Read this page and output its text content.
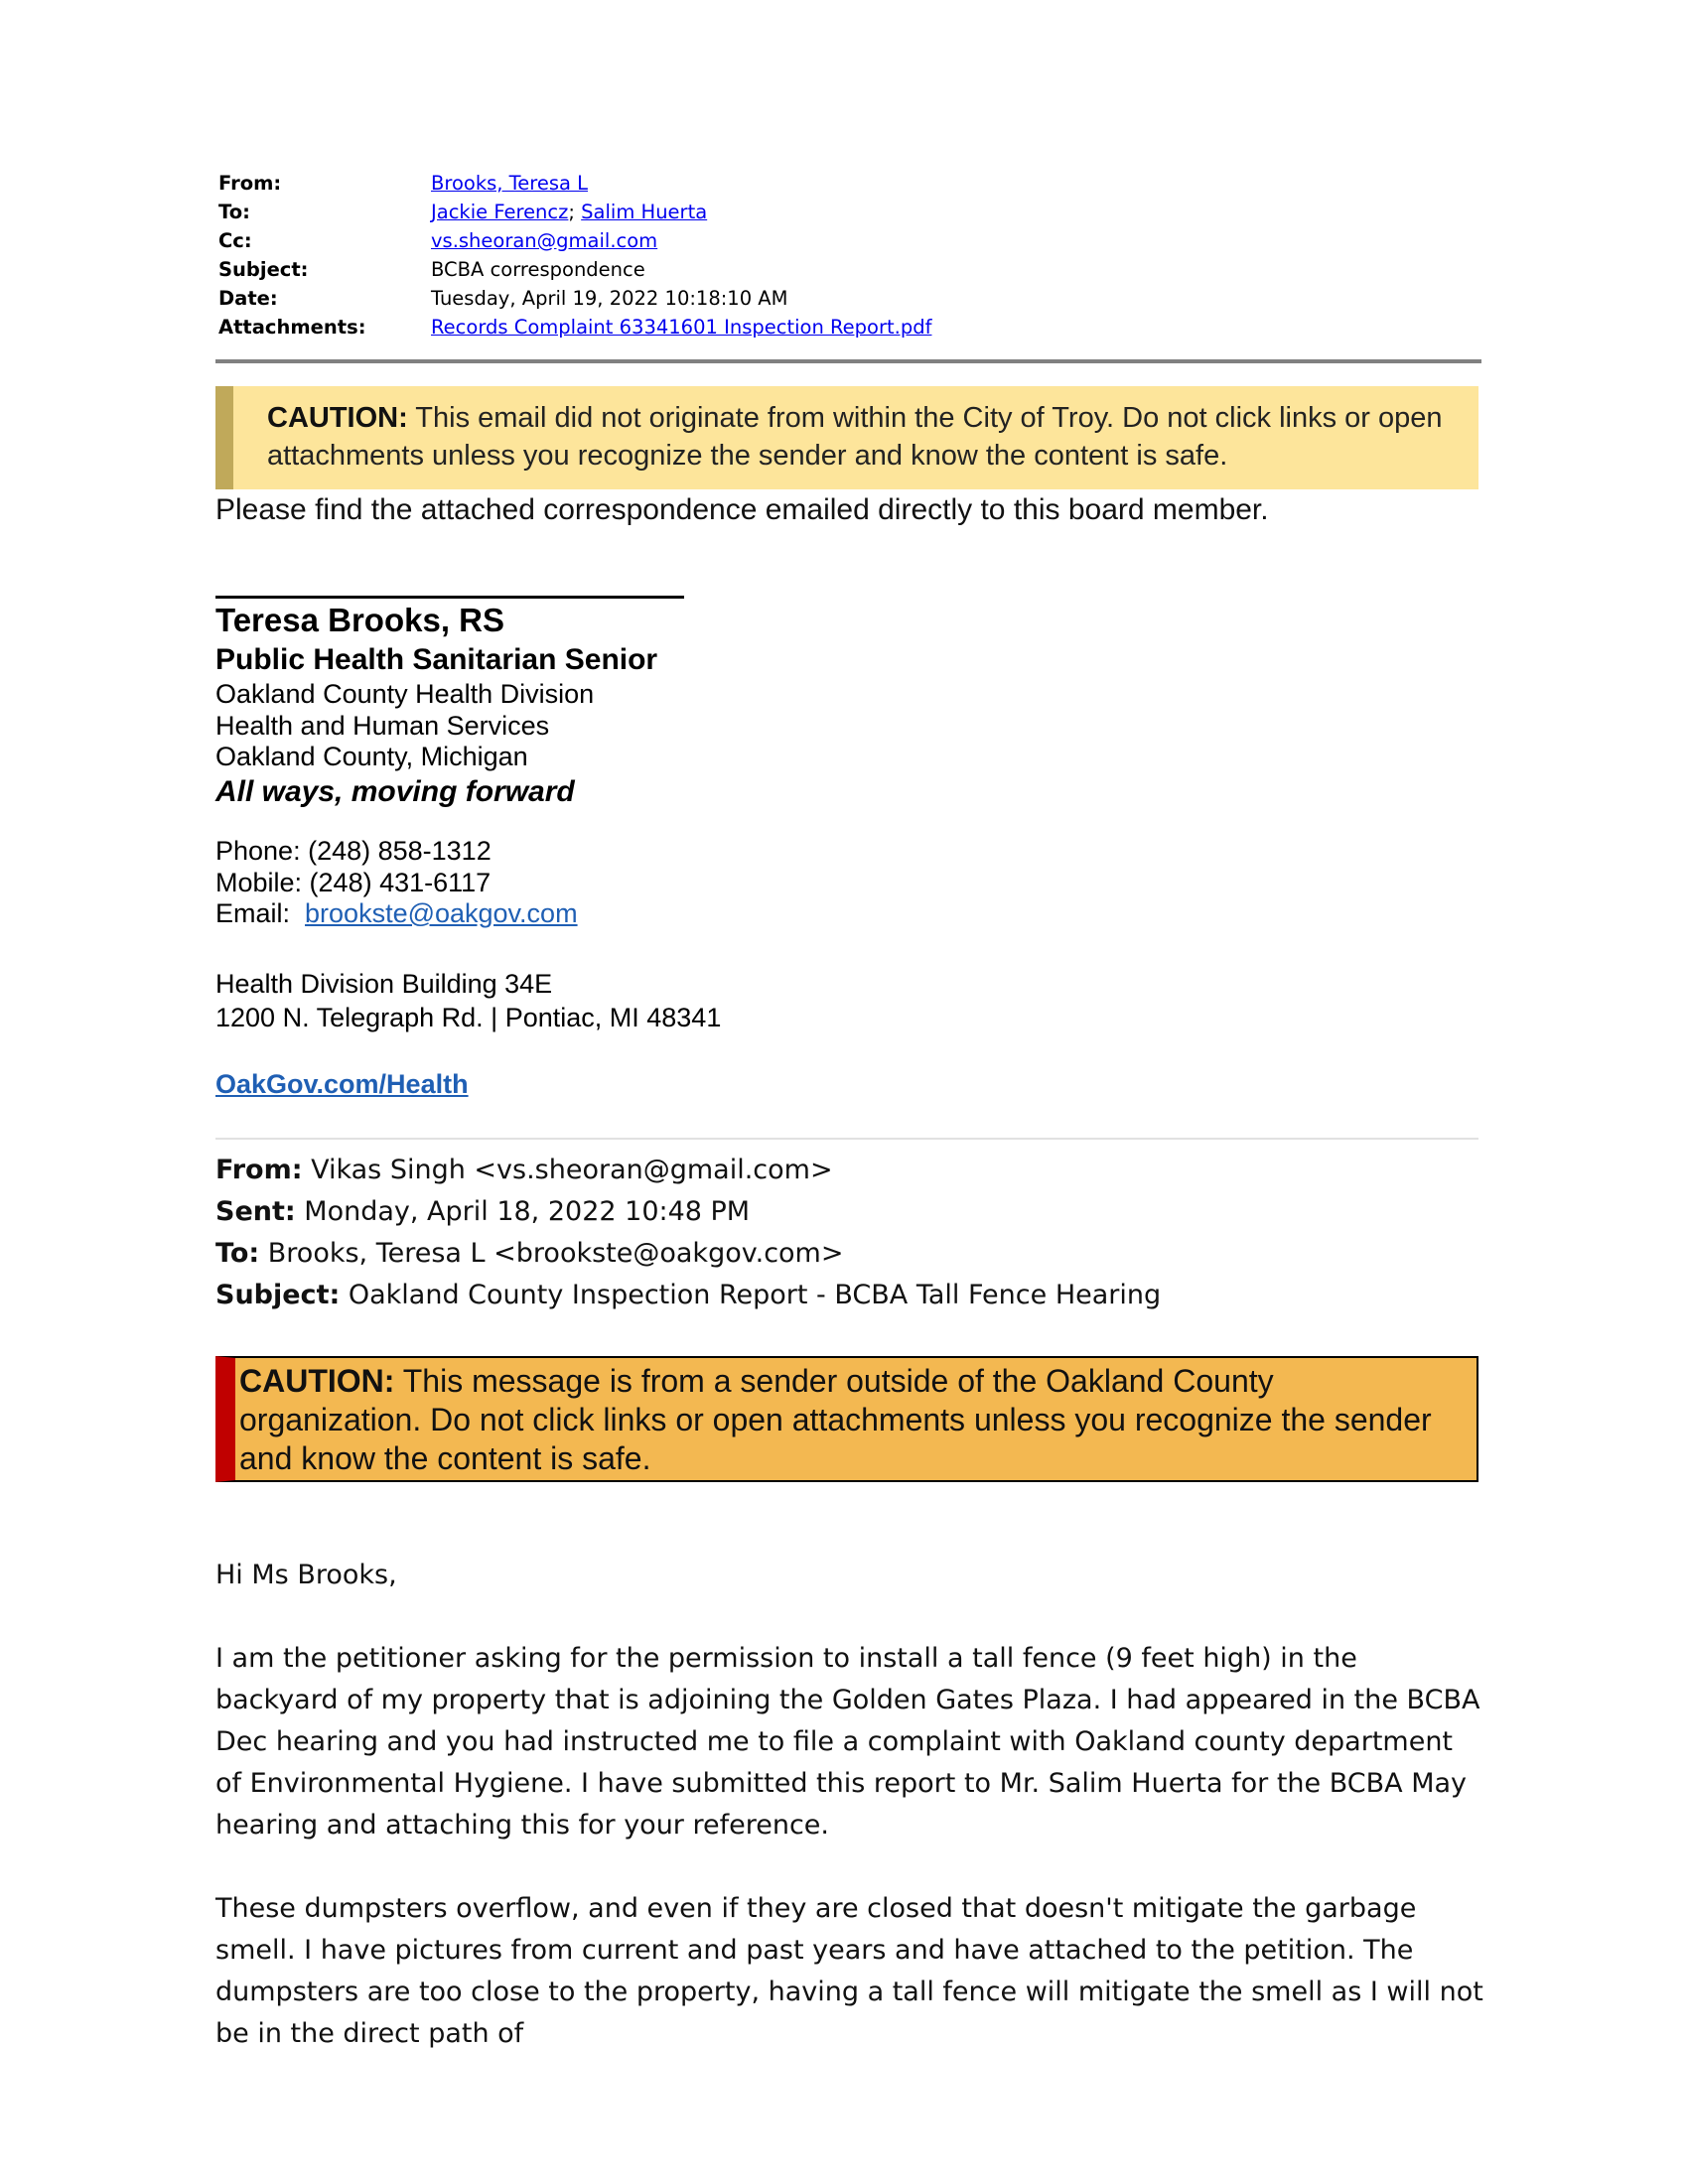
From:	Brooks, Teresa L
To:	Jackie Ferencz; Salim Huerta
Cc:	vs.sheoran@gmail.com
Subject:	BCBA correspondence
Date:	Tuesday, April 19, 2022 10:18:10 AM
Attachments:	Records Complaint 63341601 Inspection Report.pdf
CAUTION: This email did not originate from within the City of Troy. Do not click links or open attachments unless you recognize the sender and know the content is safe.
Please find the attached correspondence emailed directly to this board member.
Teresa Brooks, RS
Public Health Sanitarian Senior
Oakland County Health Division
Health and Human Services
Oakland County, Michigan
All ways, moving forward
Phone: (248) 858-1312
Mobile: (248) 431-6117
Email:  brookste@oakgov.com
Health Division Building 34E
1200 N. Telegraph Rd. | Pontiac, MI 48341
OakGov.com/Health
From: Vikas Singh <vs.sheoran@gmail.com>
Sent: Monday, April 18, 2022 10:48 PM
To: Brooks, Teresa L <brookste@oakgov.com>
Subject: Oakland County Inspection Report - BCBA Tall Fence Hearing
CAUTION: This message is from a sender outside of the Oakland County organization. Do not click links or open attachments unless you recognize the sender and know the content is safe.

Hi Ms Brooks,

I am the petitioner asking for the permission to install a tall fence (9 feet high) in the backyard of my property that is adjoining the Golden Gates Plaza. I had appeared in the BCBA Dec hearing and you had instructed me to file a complaint with Oakland county department of Environmental Hygiene. I have submitted this report to Mr. Salim Huerta for the BCBA May hearing and attaching this for your reference.

These dumpsters overflow, and even if they are closed that doesn't mitigate the garbage smell. I have pictures from current and past years and have attached to the petition. The dumpsters are too close to the property, having a tall fence will mitigate the smell as I will not be in the direct path of
